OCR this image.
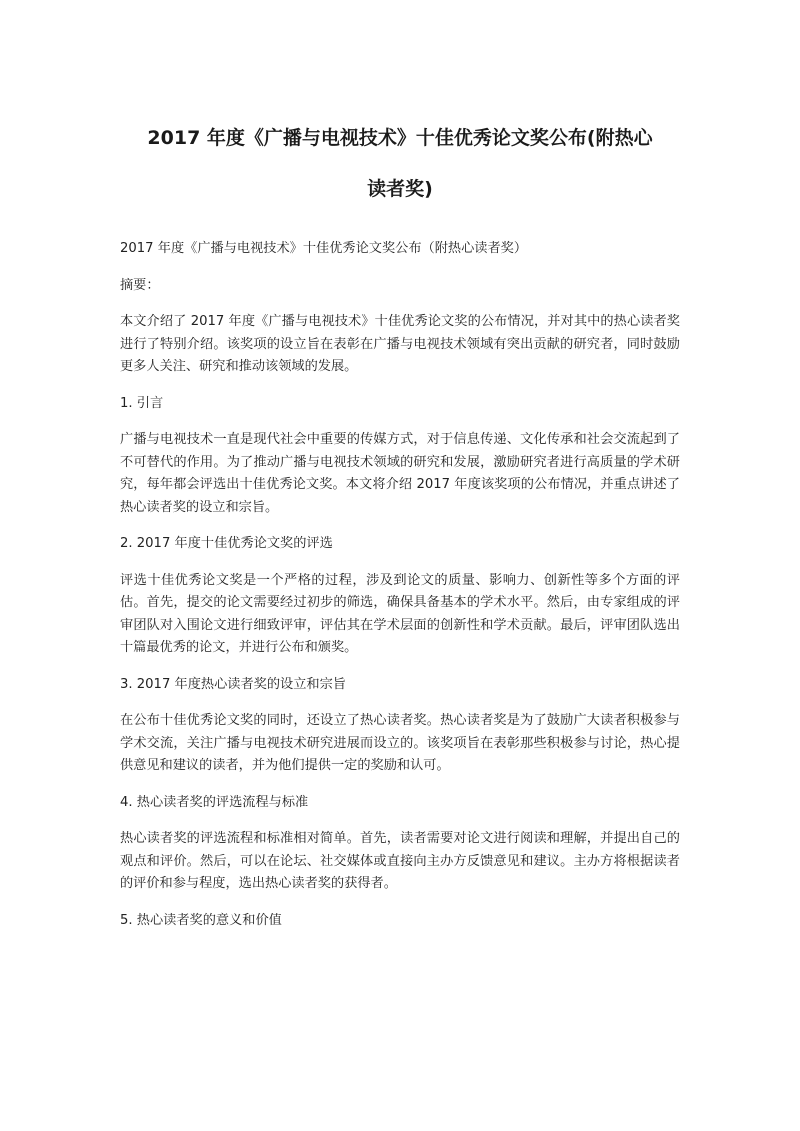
2017 年度《广播与电视技术》十佳优秀论文奖公布(附热心
读者奖)

2017 年度《广播与电视技术》十佳优秀论文奖公布（附热心读者奖）

摘要：

本文介绍了 2017 年度《广播与电视技术》十佳优秀论文奖的公布情况，并对其中的热心读者奖进行了特别介绍。该奖项的设立旨在表彰在广播与电视技术领域有突出贡献的研究者，同时鼓励更多人关注、研究和推动该领域的发展。

1. 引言

广播与电视技术一直是现代社会中重要的传媒方式，对于信息传递、文化传承和社会交流起到了不可替代的作用。为了推动广播与电视技术领域的研究和发展，激励研究者进行高质量的学术研究，每年都会评选出十佳优秀论文奖。本文将介绍 2017 年度该奖项的公布情况，并重点讲述了热心读者奖的设立和宗旨。

2. 2017 年度十佳优秀论文奖的评选

评选十佳优秀论文奖是一个严格的过程，涉及到论文的质量、影响力、创新性等多个方面的评估。首先，提交的论文需要经过初步的筛选，确保具备基本的学术水平。然后，由专家组成的评审团队对入围论文进行细致评审，评估其在学术层面的创新性和学术贡献。最后，评审团队选出十篇最优秀的论文，并进行公布和颁奖。

3. 2017 年度热心读者奖的设立和宗旨

在公布十佳优秀论文奖的同时，还设立了热心读者奖。热心读者奖是为了鼓励广大读者积极参与学术交流，关注广播与电视技术研究进展而设立的。该奖项旨在表彰那些积极参与讨论，热心提供意见和建议的读者，并为他们提供一定的奖励和认可。

4. 热心读者奖的评选流程与标准

热心读者奖的评选流程和标准相对简单。首先，读者需要对论文进行阅读和理解，并提出自己的观点和评价。然后，可以在论坛、社交媒体或直接向主办方反馈意见和建议。主办方将根据读者的评价和参与程度，选出热心读者奖的获得者。

5. 热心读者奖的意义和价值
